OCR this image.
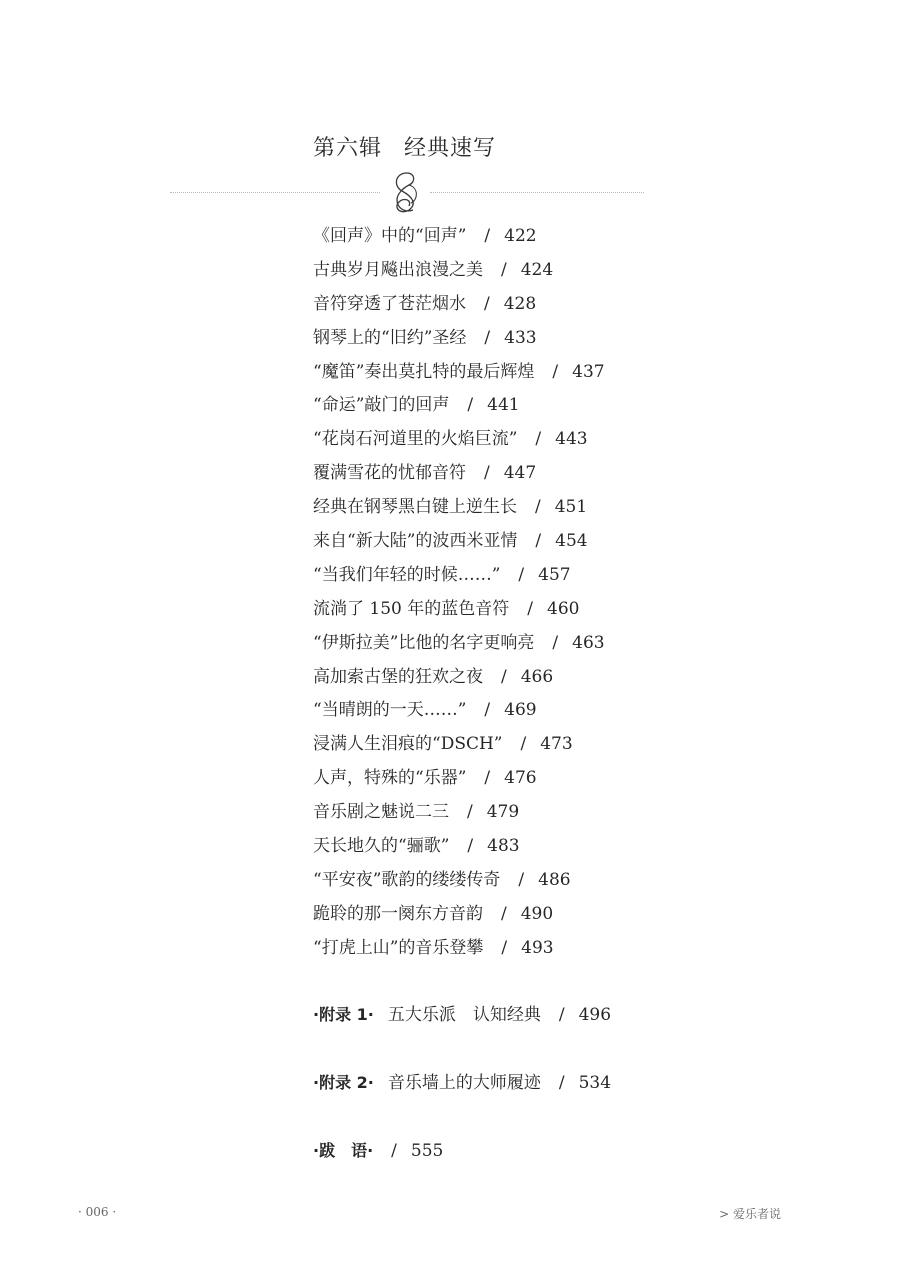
第六辑 经典速写
《回声》中的“回声” / 422
古典岁月飚出浪漫之美 / 424
音符穿透了苍茫烟水 / 428
钢琴上的“旧约”圣经 / 433
“魔笛”奏出莫扎特的最后辉煌 / 437
“命运”敲门的回声 / 441
“花岗石河道里的火焰巨流” / 443
覆满雪花的忧郁音符 / 447
经典在钢琴黑白键上逆生长 / 451
来自“新大陆”的波西米亚情 / 454
“当我们年轻的时候……” / 457
流淌了 150 年的蓝色音符 / 460
“伊斯拉美”比他的名字更响亮 / 463
高加索古堡的狂欢之夜 / 466
“当晴朗的一天……” / 469
浸满人生泪痕的“DSCH” / 473
人声，特殊的“乐器” / 476
音乐剧之魅说二三 / 479
天长地久的“骊歌” / 483
“平安夜”歌韵的缕缕传奇 / 486
跪聆的那一阕东方音韵 / 490
“打虎上山”的音乐登攀 / 493
·附录 1· 五大乐派　认知经典 / 496
·附录 2· 音乐墙上的大师履迹 / 534
·跋　语· / 555
· 006 ·	> 爱乐者说
